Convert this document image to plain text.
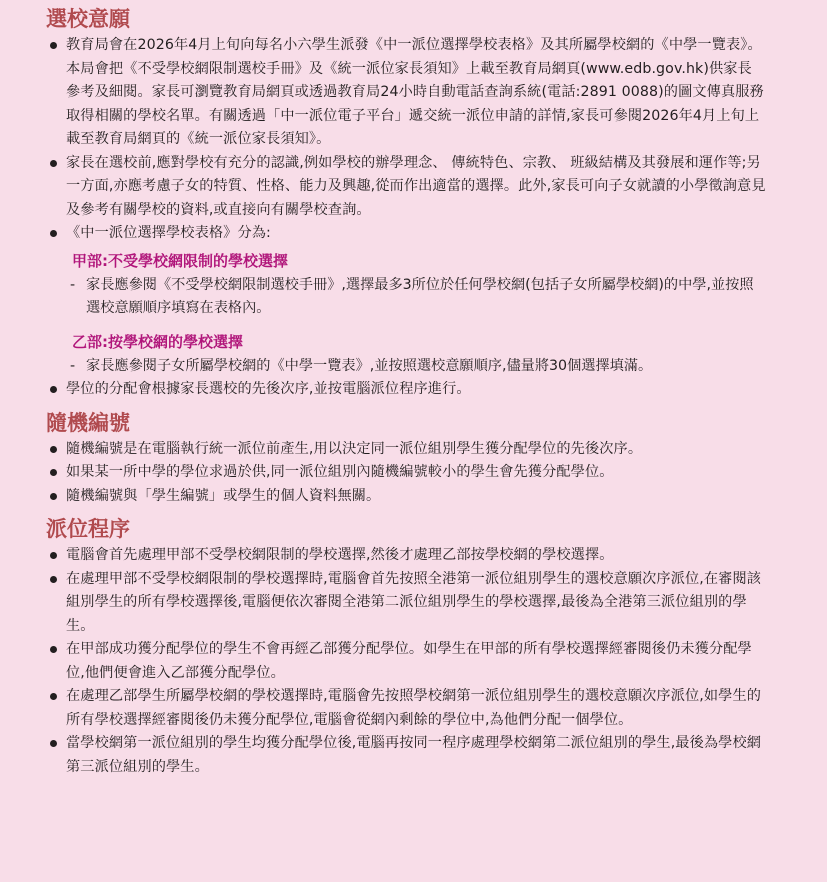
選校意願
教育局會在2026年4月上旬向每名小六學生派發《中一派位選擇學校表格》及其所屬學校網的《中學一覽表》。本局會把《不受學校網限制選校手冊》及《統一派位家長須知》上載至教育局網頁(www.edb.gov.hk)供家長參考及細閱。家長可瀏覽教育局網頁或透過教育局24小時自動電話查詢系統(電話:2891 0088)的圖文傳真服務取得相關的學校名單。有關透過「中一派位電子平台」遞交統一派位申請的詳情,家長可參閱2026年4月上旬上載至教育局網頁的《統一派位家長須知》。
家長在選校前,應對學校有充分的認識,例如學校的辦學理念、 傳統特色、宗教、 班級結構及其發展和運作等;另一方面,亦應考慮子女的特質、性格、能力及興趣,從而作出適當的選擇。此外,家長可向子女就讀的小學徵詢意見及參考有關學校的資料,或直接向有關學校查詢。
《中一派位選擇學校表格》分為:
甲部:不受學校網限制的學校選擇
- 家長應參閱《不受學校網限制選校手冊》,選擇最多3所位於任何學校網(包括子女所屬學校網)的中學,並按照選校意願順序填寫在表格內。
乙部:按學校網的學校選擇
- 家長應參閱子女所屬學校網的《中學一覽表》,並按照選校意願順序,儘量將30個選擇填滿。
學位的分配會根據家長選校的先後次序,並按電腦派位程序進行。
隨機編號
隨機編號是在電腦執行統一派位前產生,用以決定同一派位組別學生獲分配學位的先後次序。
如果某一所中學的學位求過於供,同一派位組別內隨機編號較小的學生會先獲分配學位。
隨機編號與「學生編號」或學生的個人資料無關。
派位程序
電腦會首先處理甲部不受學校網限制的學校選擇,然後才處理乙部按學校網的學校選擇。
在處理甲部不受學校網限制的學校選擇時,電腦會首先按照全港第一派位組別學生的選校意願次序派位,在審閱該組別學生的所有學校選擇後,電腦便依次審閱全港第二派位組別學生的學校選擇,最後為全港第三派位組別的學生。
在甲部成功獲分配學位的學生不會再經乙部獲分配學位。如學生在甲部的所有學校選擇經審閱後仍未獲分配學位,他們便會進入乙部獲分配學位。
在處理乙部學生所屬學校網的學校選擇時,電腦會先按照學校網第一派位組別學生的選校意願次序派位,如學生的所有學校選擇經審閱後仍未獲分配學位,電腦會從網內剩餘的學位中,為他們分配一個學位。
當學校網第一派位組別的學生均獲分配學位後,電腦再按同一程序處理學校網第二派位組別的學生,最後為學校網第三派位組別的學生。
